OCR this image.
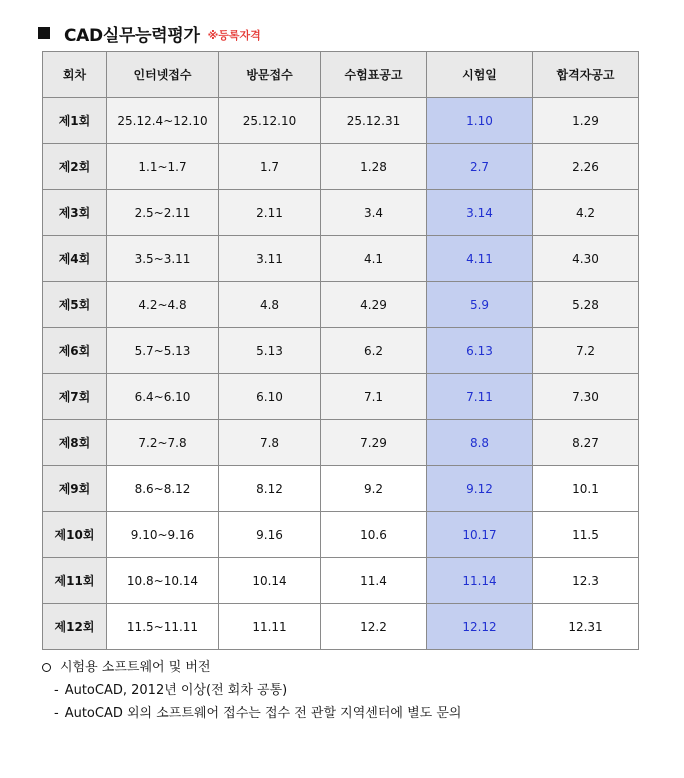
CAD실무능력평가 ※등록자격
회차	인터넷접수	방문접수	수험표공고	시험일	합격자공고
제1회	25.12.4~12.10	25.12.10	25.12.31	1.10	1.29
제2회	1.1~1.7	1.7	1.28	2.7	2.26
제3회	2.5~2.11	2.11	3.4	3.14	4.2
제4회	3.5~3.11	3.11	4.1	4.11	4.30
제5회	4.2~4.8	4.8	4.29	5.9	5.28
제6회	5.7~5.13	5.13	6.2	6.13	7.2
제7회	6.4~6.10	6.10	7.1	7.11	7.30
제8회	7.2~7.8	7.8	7.29	8.8	8.27
제9회	8.6~8.12	8.12	9.2	9.12	10.1
제10회	9.10~9.16	9.16	10.6	10.17	11.5
제11회	10.8~10.14	10.14	11.4	11.14	12.3
제12회	11.5~11.11	11.11	12.2	12.12	12.31
시험용 소프트웨어 및 버전
- AutoCAD, 2012년 이상(전 회차 공통)
- AutoCAD 외의 소프트웨어 접수는 접수 전 관할 지역센터에 별도 문의
